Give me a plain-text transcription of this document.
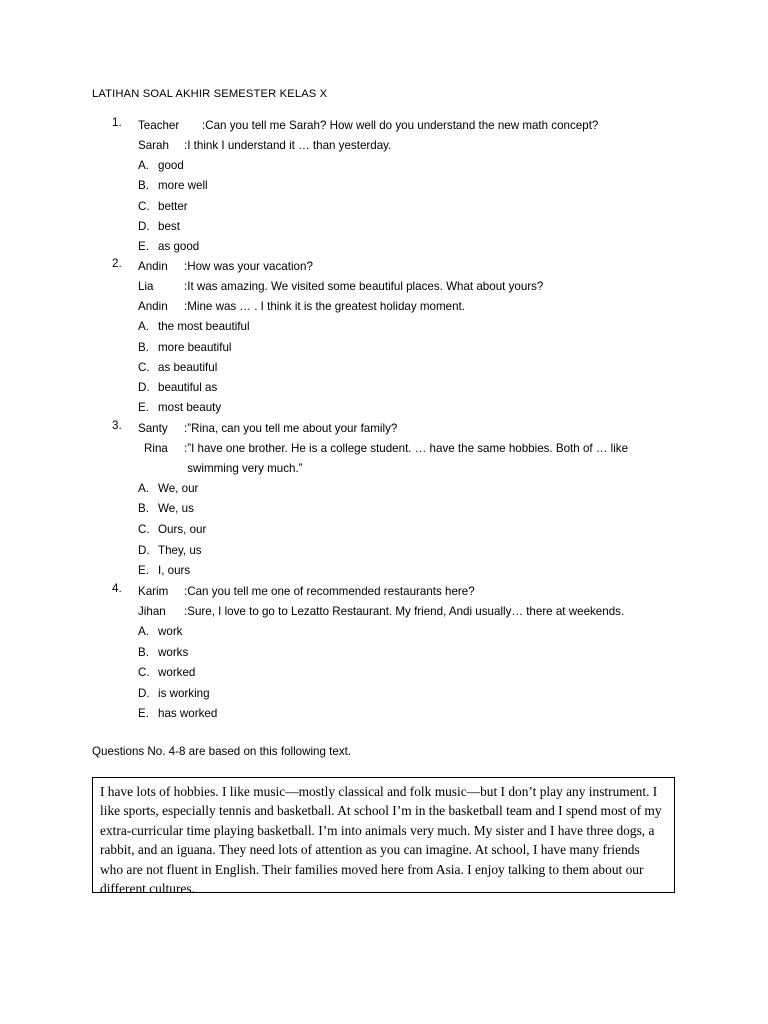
LATIHAN SOAL AKHIR SEMESTER KELAS X
1.	Teacher	: Can you tell me Sarah? How well do you understand the new math concept?
Sarah	: I think I understand it … than yesterday.
A. good
B. more well
C. better
D. best
E. as good
2.	Andin	: How was your vacation?
Lia	: It was amazing. We visited some beautiful places. What about yours?
Andin	: Mine was … . I think it is the greatest holiday moment.
A. the most beautiful
B. more beautiful
C. as beautiful
D. beautiful as
E. most beauty
3.	Santy	: ”Rina, can you tell me about your family?
Rina	: ”I have one brother. He is a college student. … have the same hobbies. Both of … like swimming very much.”
A. We, our
B. We, us
C. Ours, our
D. They, us
E. I, ours
4.	Karim	: Can you tell me one of recommended restaurants here?
Jihan	: Sure, I love to go to Lezatto Restaurant. My friend, Andi usually… there at weekends.
A. work
B. works
C. worked
D. is working
E. has worked
Questions No. 4-8 are based on this following text.
I have lots of hobbies. I like music—mostly classical and folk music—but I don’t play any instrument. I like sports, especially tennis and basketball. At school I’m in the basketball team and I spend most of my extra-curricular time playing basketball. I’m into animals very much. My sister and I have three dogs, a rabbit, and an iguana. They need lots of attention as you can imagine. At school, I have many friends who are not fluent in English. Their families moved here from Asia. I enjoy talking to them about our different cultures.
